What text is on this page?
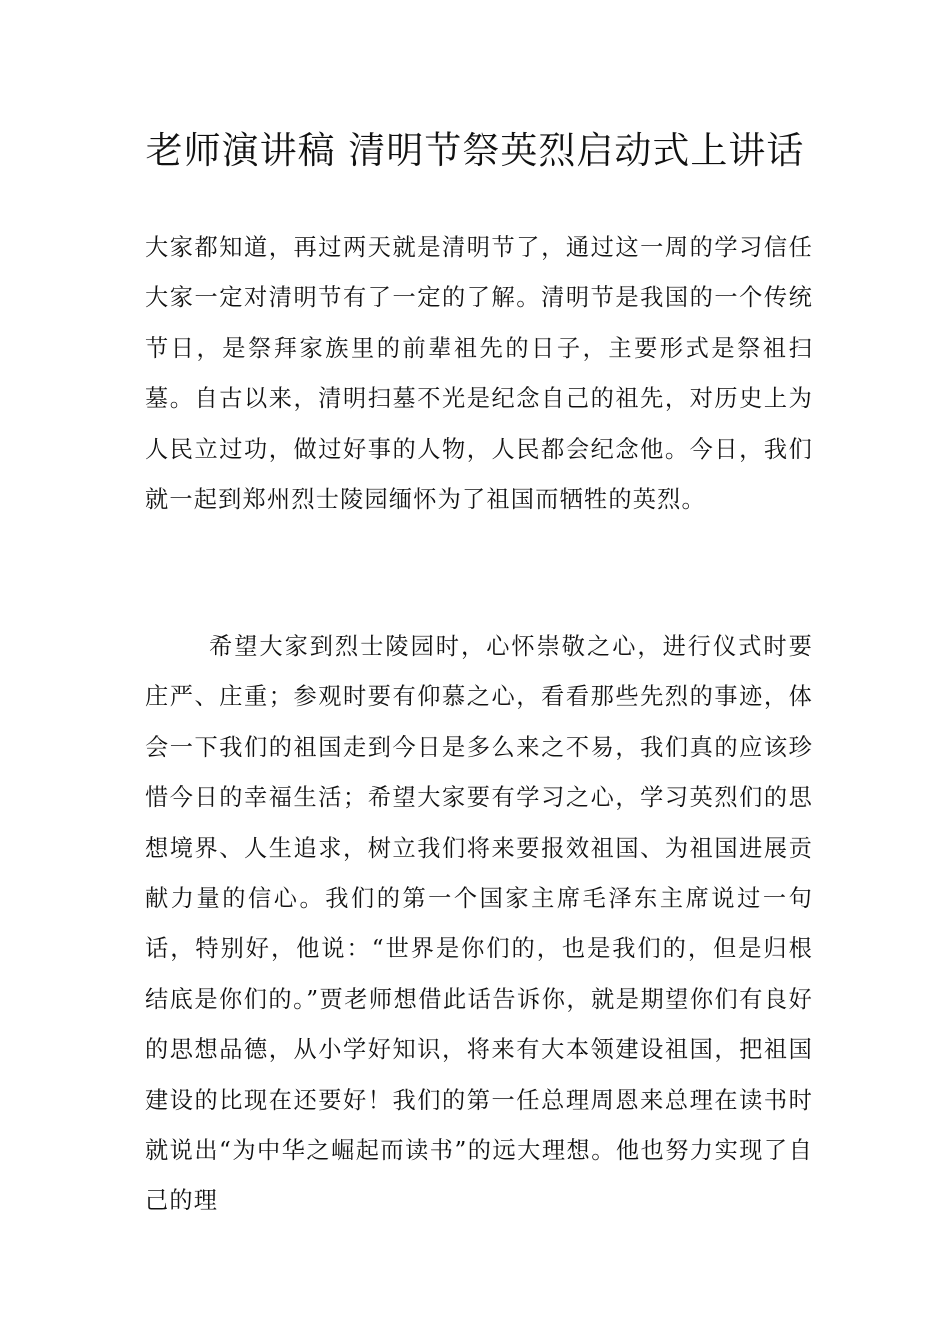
老师演讲稿 清明节祭英烈启动式上讲话

大家都知道，再过两天就是清明节了，通过这一周的学习信任大家一定对清明节有了一定的了解。清明节是我国的一个传统节日，是祭拜家族里的前辈祖先的日子，主要形式是祭祖扫墓。自古以来，清明扫墓不光是纪念自己的祖先，对历史上为人民立过功，做过好事的人物，人民都会纪念他。今日，我们就一起到郑州烈士陵园缅怀为了祖国而牺牲的英烈。

希望大家到烈士陵园时，心怀崇敬之心，进行仪式时要庄严、庄重；参观时要有仰慕之心，看看那些先烈的事迹，体会一下我们的祖国走到今日是多么来之不易，我们真的应该珍惜今日的幸福生活；希望大家要有学习之心，学习英烈们的思想境界、人生追求，树立我们将来要报效祖国、为祖国进展贡献力量的信心。我们的第一个国家主席毛泽东主席说过一句话，特别好，他说：“世界是你们的，也是我们的，但是归根结底是你们的。”贾老师想借此话告诉你，就是期望你们有良好的思想品德，从小学好知识，将来有大本领建设祖国，把祖国建设的比现在还要好！我们的第一任总理周恩来总理在读书时就说出“为中华之崛起而读书”的远大理想。他也努力实现了自己的理
